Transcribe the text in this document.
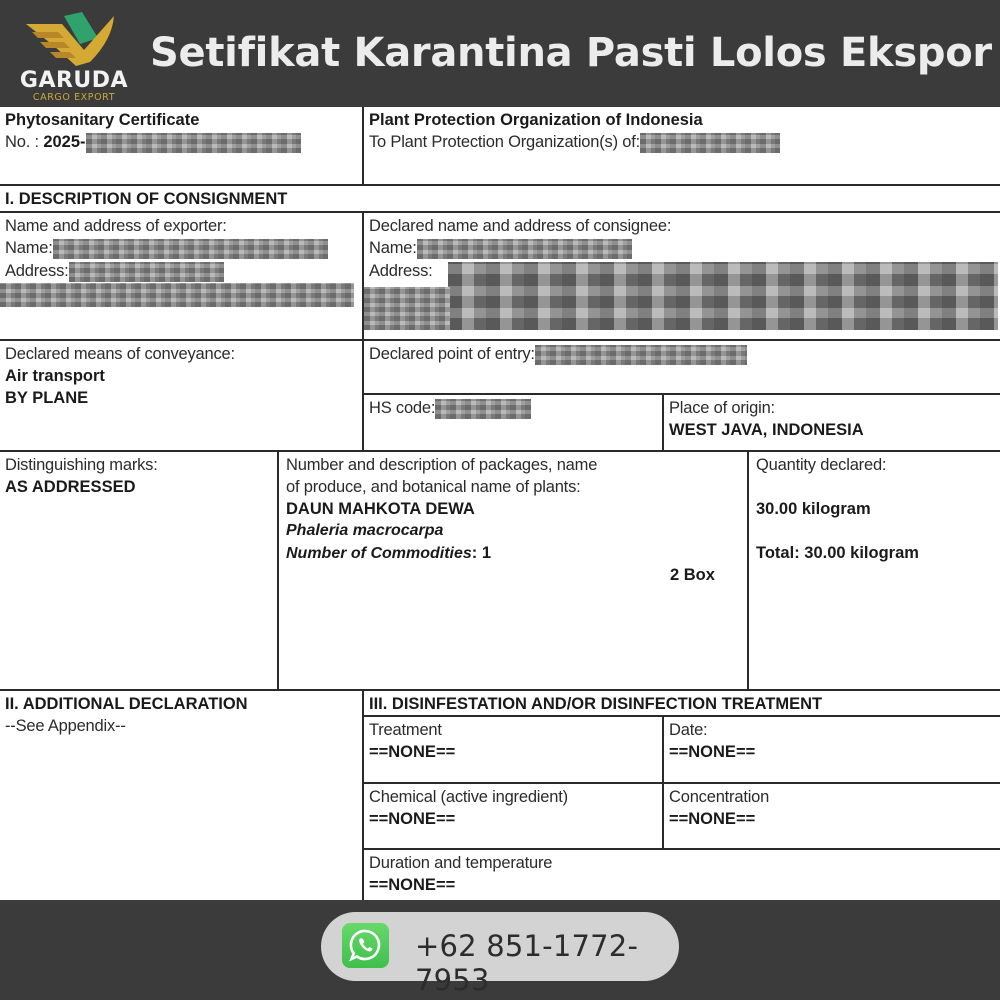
GARUDA
CARGO EXPORT
Setifikat Karantina Pasti Lolos Ekspor
Phytosanitary Certificate
No. : 2025-
Plant Protection Organization of Indonesia
To Plant Protection Organization(s) of:
I. DESCRIPTION OF CONSIGNMENT
Name and address of exporter:
Name:
Address:
Declared name and address of consignee:
Name:
Address:
Declared means of conveyance:
Air transport
BY PLANE
Declared point of entry:
HS code:	Place of origin:
WEST JAVA, INDONESIA
Distinguishing marks:
AS ADDRESSED
Number and description of packages, name
of produce, and botanical name of plants:
DAUN MAHKOTA DEWA
Phaleria macrocarpa
Number of Commodities: 1
2 Box
Quantity declared:
30.00 kilogram
Total: 30.00 kilogram
II. ADDITIONAL DECLARATION
--See Appendix--
III. DISINFESTATION AND/OR DISINFECTION TREATMENT
Treatment
==NONE==
Date:
==NONE==
Chemical (active ingredient)
==NONE==
Concentration
==NONE==
Duration and temperature
==NONE==
+62 851-1772-7953
